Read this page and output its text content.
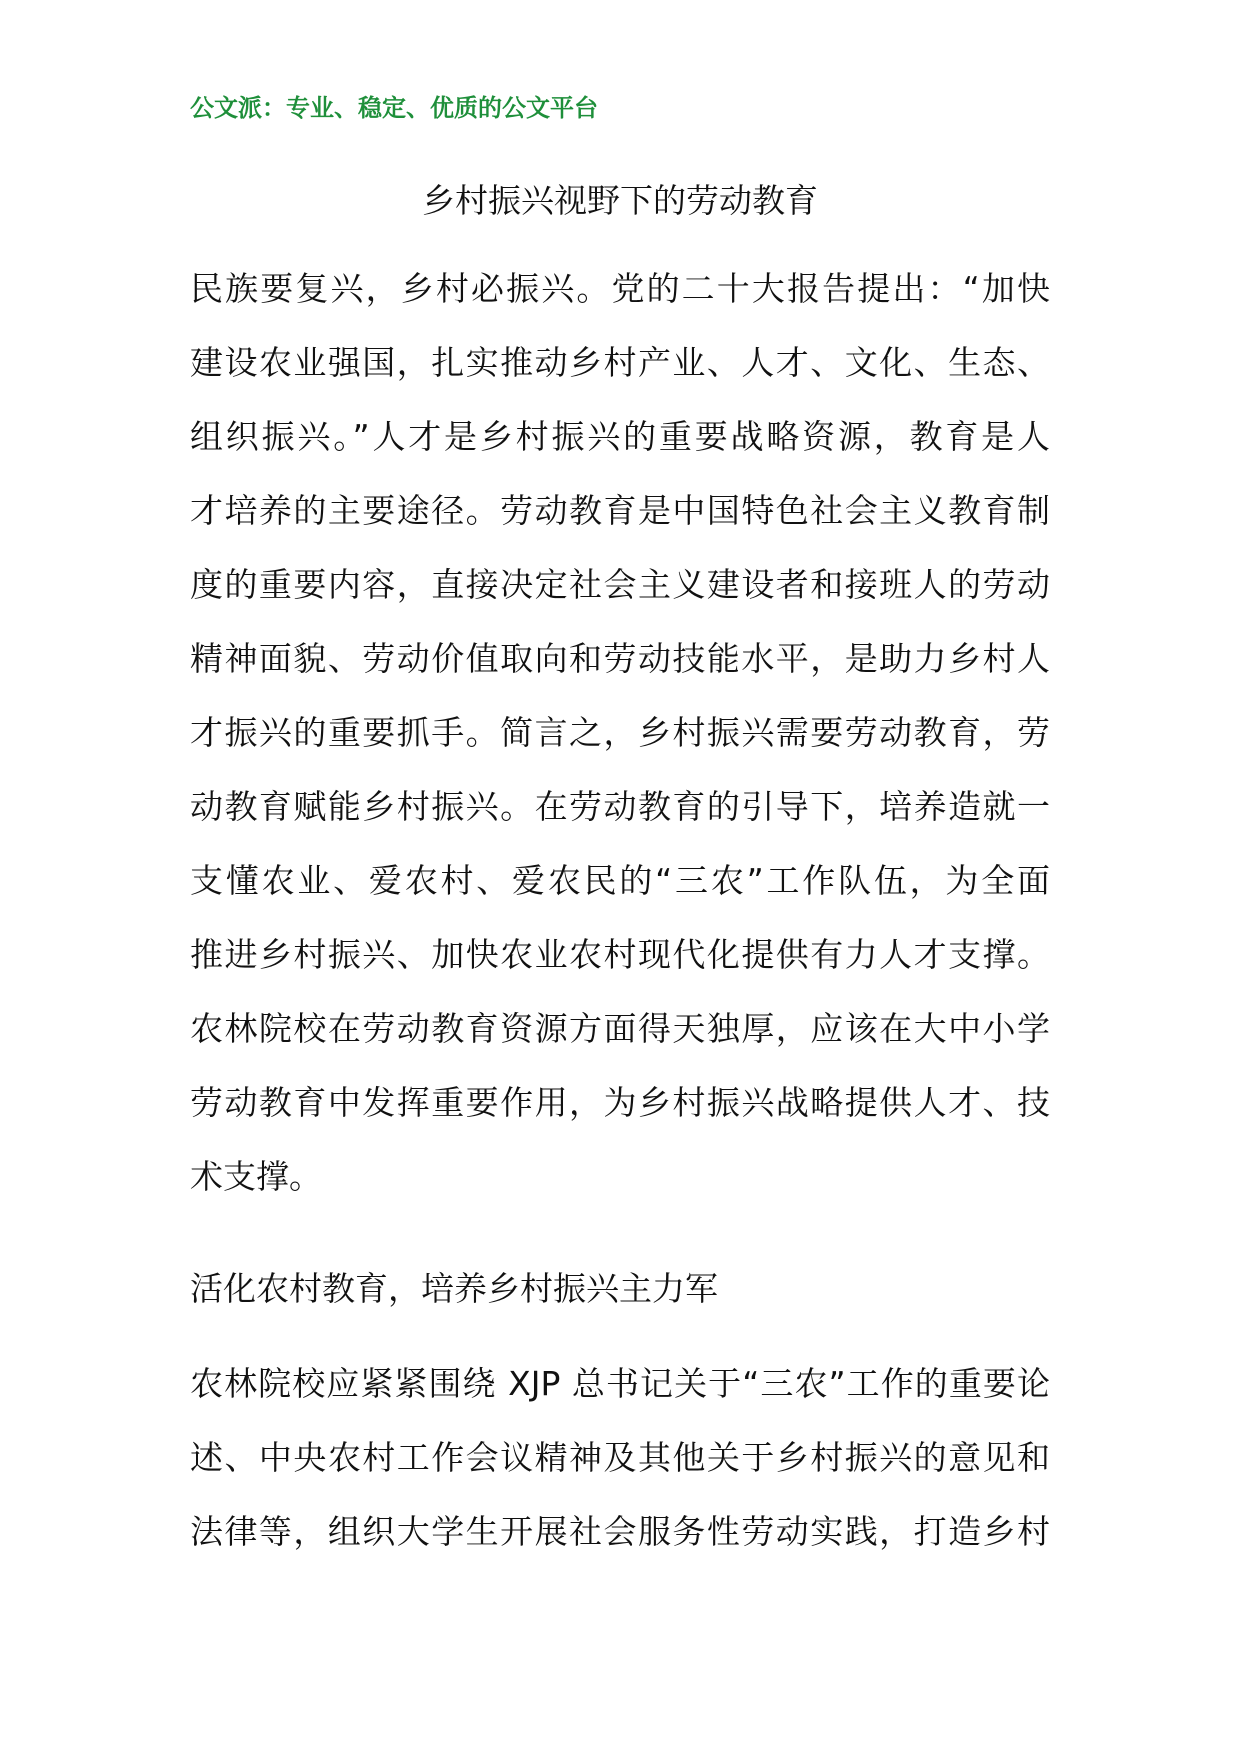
公文派：专业、稳定、优质的公文平台
乡村振兴视野下的劳动教育
民族要复兴，乡村必振兴。党的二十大报告提出：“加快
建设农业强国，扎实推动乡村产业、人才、文化、生态、
组织振兴。”人才是乡村振兴的重要战略资源，教育是人
才培养的主要途径。劳动教育是中国特色社会主义教育制
度的重要内容，直接决定社会主义建设者和接班人的劳动
精神面貌、劳动价值取向和劳动技能水平，是助力乡村人
才振兴的重要抓手。简言之，乡村振兴需要劳动教育，劳
动教育赋能乡村振兴。在劳动教育的引导下，培养造就一
支懂农业、爱农村、爱农民的“三农”工作队伍，为全面
推进乡村振兴、加快农业农村现代化提供有力人才支撑。
农林院校在劳动教育资源方面得天独厚，应该在大中小学
劳动教育中发挥重要作用，为乡村振兴战略提供人才、技
术支撑。
活化农村教育，培养乡村振兴主力军
农林院校应紧紧围绕 XJP 总书记关于“三农”工作的重要论
述、中央农村工作会议精神及其他关于乡村振兴的意见和
法律等，组织大学生开展社会服务性劳动实践，打造乡村
